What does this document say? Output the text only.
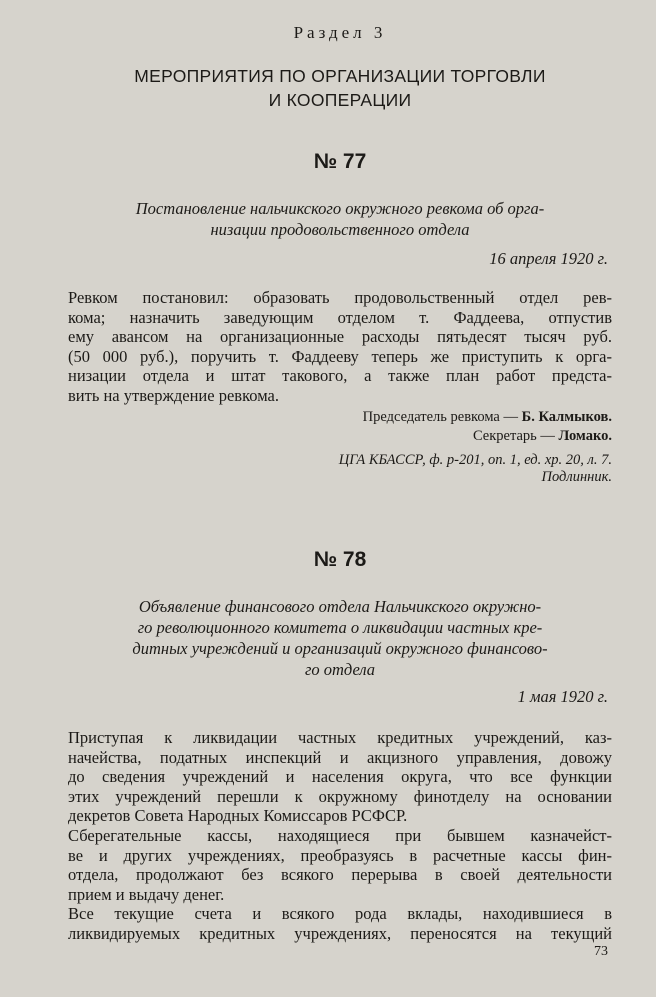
Раздел 3
МЕРОПРИЯТИЯ ПО ОРГАНИЗАЦИИ ТОРГОВЛИ
И КООПЕРАЦИИ
№ 77
Постановление нальчикского окружного ревкома об орга-
низации продовольственного отдела
16 апреля 1920 г.
Ревком постановил: образовать продовольственный отдел рев-
кома; назначить заведующим отделом т. Фаддеева, отпустив
ему авансом на организационные расходы пятьдесят тысяч руб.
(50 000 руб.), поручить т. Фаддееву теперь же приступить к орга-
низации отдела и штат таковогo, а также план работ предста-
вить на утверждение ревкома.
Председатель ревкома — Б. Калмыков.
Секретарь — Ломако.
ЦГА КБАССР, ф. р-201, оп. 1, ед. хр. 20, л. 7.
Подлинник.
№ 78
Объявление финансового отдела Нальчикского окружно-
го революционного комитета о ликвидации частных кре-
дитных учреждений и организаций окружного финансово-
го отдела
1 мая 1920 г.
Приступая к ликвидации частных кредитных учреждений, каз-
начейства, податных инспекций и акцизного управления, довожу
до сведения учреждений и населения округа, что все функции
этих учреждений перешли к окружному финотделу на основании
декретов Совета Народных Комиссаров РСФСР.
Сберегательные кассы, находящиеся при бывшем казначейст-
ве и других учреждениях, преобразуясь в расчетные кассы фин-
отдела, продолжают без всякого перерыва в своей деятельности
прием и выдачу денег.
Все текущие счета и всякого рода вклады, находившиеся в
ликвидируемых кредитных учреждениях, переносятся на текущий
73
